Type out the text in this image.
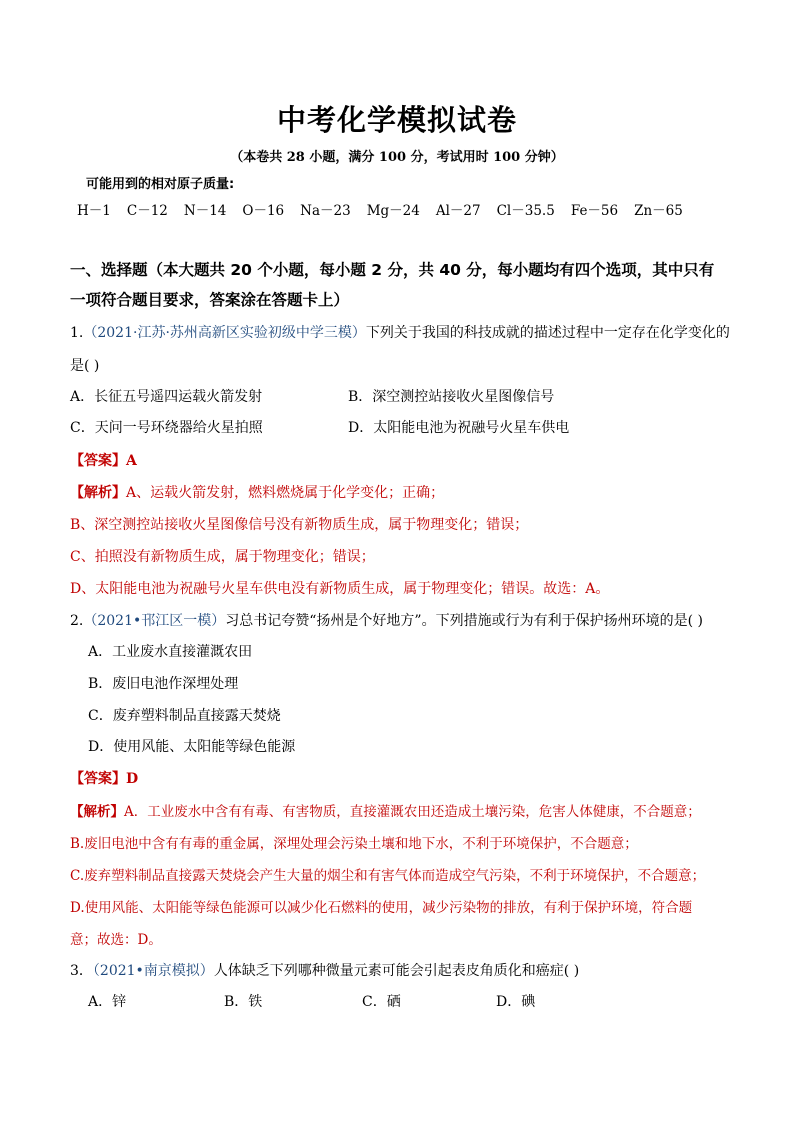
中考化学模拟试卷
（本卷共 28 小题，满分 100 分，考试用时 100 分钟）
可能用到的相对原子质量:
H－1 C－12 N－14 O－16 Na－23 Mg－24 Al－27 Cl－35.5 Fe－56 Zn－65
一、选择题（本大题共 20 个小题，每小题 2 分，共 40 分，每小题均有四个选项，其中只有
一项符合题目要求，答案涂在答题卡上）
1.（2021·江苏·苏州高新区实验初级中学三模）下列关于我国的科技成就的描述过程中一定存在化学变化的
是( )
A．长征五号遥四运载火箭发射	B．深空测控站接收火星图像信号
C．天问一号环绕器给火星拍照	D．太阳能电池为祝融号火星车供电
【答案】A
【解析】A、运载火箭发射，燃料燃烧属于化学变化；正确；
B、深空测控站接收火星图像信号没有新物质生成，属于物理变化；错误；
C、拍照没有新物质生成，属于物理变化；错误；
D、太阳能电池为祝融号火星车供电没有新物质生成，属于物理变化；错误。故选：A。
2.（2021•邗江区一模）习总书记夸赞“扬州是个好地方”。下列措施或行为有利于保护扬州环境的是( )
A．工业废水直接灌溉农田
B．废旧电池作深埋处理
C．废弃塑料制品直接露天焚烧
D．使用风能、太阳能等绿色能源
【答案】D
【解析】A．工业废水中含有有毒、有害物质，直接灌溉农田还造成土壤污染，危害人体健康，不合题意；
B.废旧电池中含有有毒的重金属，深埋处理会污染土壤和地下水，不利于环境保护，不合题意；
C.废弃塑料制品直接露天焚烧会产生大量的烟尘和有害气体而造成空气污染，不利于环境保护，不合题意；
D.使用风能、太阳能等绿色能源可以减少化石燃料的使用，减少污染物的排放，有利于保护环境，符合题
意；故选：D。
3．（2021•南京模拟）人体缺乏下列哪种微量元素可能会引起表皮角质化和癌症( )
A．锌	B．铁	C．硒	D．碘
